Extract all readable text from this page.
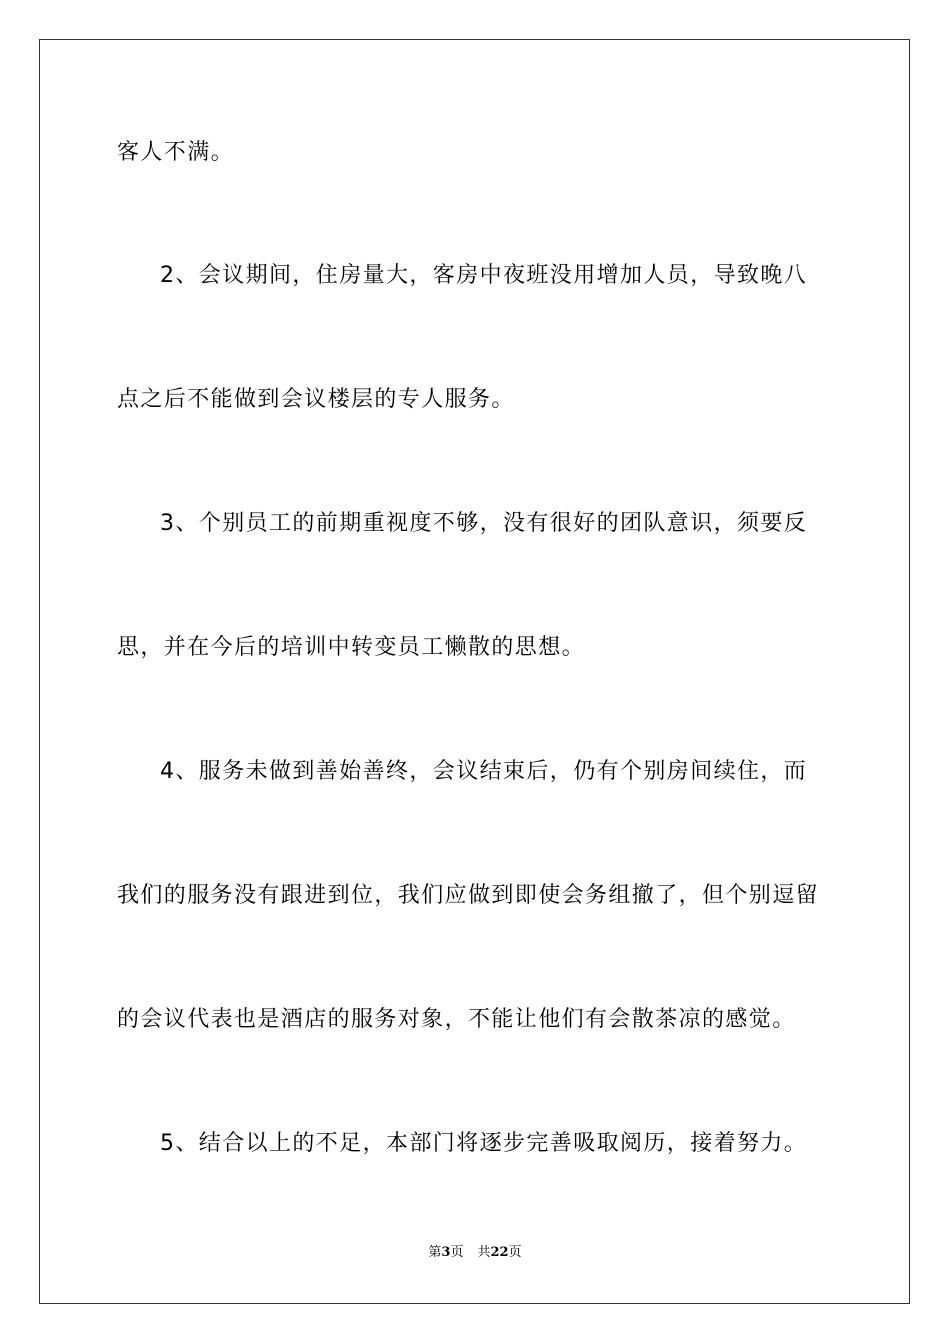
客人不满。
2、会议期间，住房量大，客房中夜班没用增加人员，导致晚八
点之后不能做到会议楼层的专人服务。
3、个别员工的前期重视度不够，没有很好的团队意识，须要反
思，并在今后的培训中转变员工懒散的思想。
4、服务未做到善始善终，会议结束后，仍有个别房间续住，而
我们的服务没有跟进到位，我们应做到即使会务组撤了，但个别逗留
的会议代表也是酒店的服务对象，不能让他们有会散茶凉的感觉。
5、结合以上的不足，本部门将逐步完善吸取阅历，接着努力。
第3页 共22页
